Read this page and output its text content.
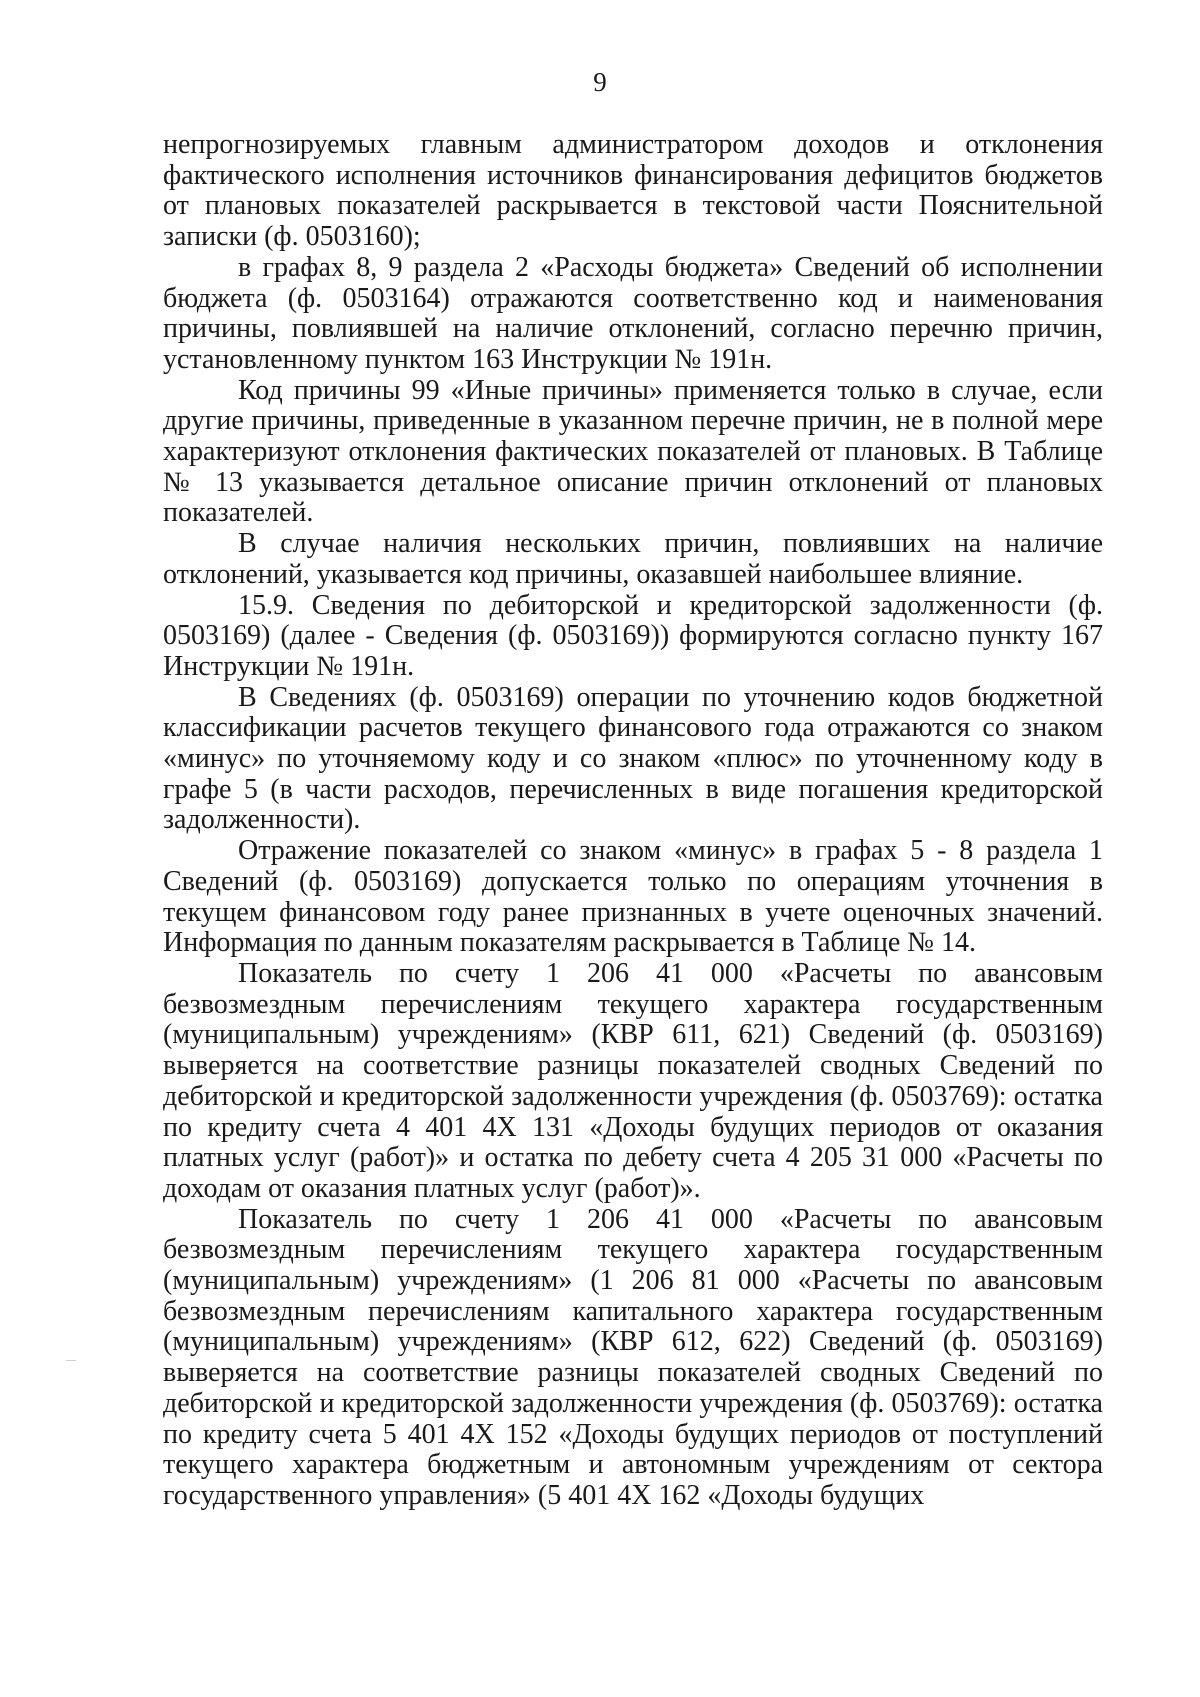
9

непрогнозируемых главным администратором доходов и отклонения фактического исполнения источников финансирования дефицитов бюджетов от плановых показателей раскрывается в текстовой части Пояснительной записки (ф. 0503160);

в графах 8, 9 раздела 2 «Расходы бюджета» Сведений об исполнении бюджета (ф. 0503164) отражаются соответственно код и наименования причины, повлиявшей на наличие отклонений, согласно перечню причин, установленному пунктом 163 Инструкции № 191н.

Код причины 99 «Иные причины» применяется только в случае, если другие причины, приведенные в указанном перечне причин, не в полной мере характеризуют отклонения фактических показателей от плановых. В Таблице № 13 указывается детальное описание причин отклонений от плановых показателей.

В случае наличия нескольких причин, повлиявших на наличие отклонений, указывается код причины, оказавшей наибольшее влияние.

15.9. Сведения по дебиторской и кредиторской задолженности (ф. 0503169) (далее - Сведения (ф. 0503169)) формируются согласно пункту 167 Инструкции № 191н.

В Сведениях (ф. 0503169) операции по уточнению кодов бюджетной классификации расчетов текущего финансового года отражаются со знаком «минус» по уточняемому коду и со знаком «плюс» по уточненному коду в графе 5 (в части расходов, перечисленных в виде погашения кредиторской задолженности).

Отражение показателей со знаком «минус» в графах 5 - 8 раздела 1 Сведений (ф. 0503169) допускается только по операциям уточнения в текущем финансовом году ранее признанных в учете оценочных значений. Информация по данным показателям раскрывается в Таблице № 14.

Показатель по счету 1 206 41 000 «Расчеты по авансовым безвозмездным перечислениям текущего характера государственным (муниципальным) учреждениям» (КВР 611, 621) Сведений (ф. 0503169) выверяется на соответствие разницы показателей сводных Сведений по дебиторской и кредиторской задолженности учреждения (ф. 0503769): остатка по кредиту счета 4 401 4Х 131 «Доходы будущих периодов от оказания платных услуг (работ)» и остатка по дебету счета 4 205 31 000 «Расчеты по доходам от оказания платных услуг (работ)».

Показатель по счету 1 206 41 000 «Расчеты по авансовым безвозмездным перечислениям текущего характера государственным (муниципальным) учреждениям» (1 206 81 000 «Расчеты по авансовым безвозмездным перечислениям капитального характера государственным (муниципальным) учреждениям» (КВР 612, 622) Сведений (ф. 0503169) выверяется на соответствие разницы показателей сводных Сведений по дебиторской и кредиторской задолженности учреждения (ф. 0503769): остатка по кредиту счета 5 401 4Х 152 «Доходы будущих периодов от поступлений текущего характера бюджетным и автономным учреждениям от сектора государственного управления» (5 401 4Х 162 «Доходы будущих
